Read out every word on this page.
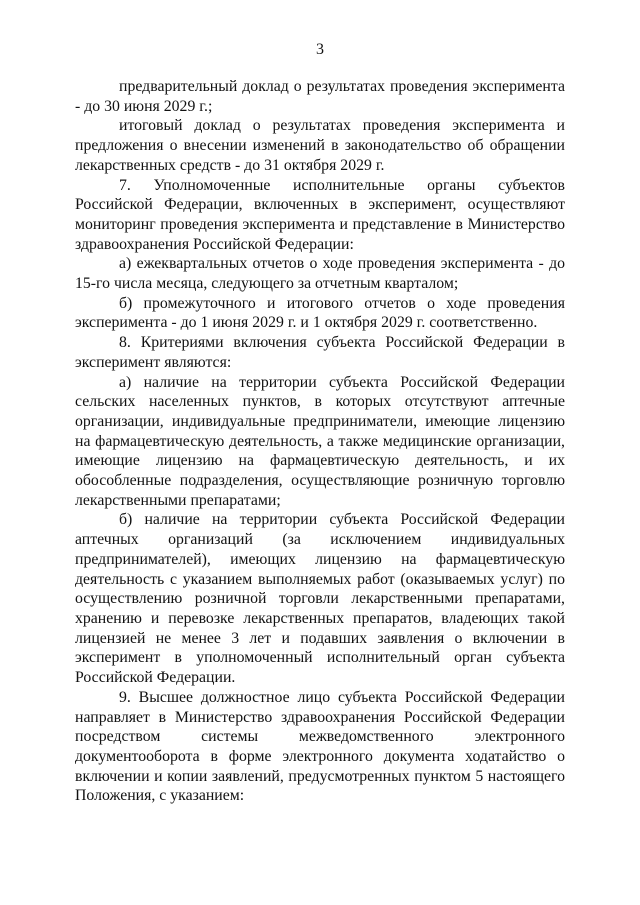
3

предварительный доклад о результатах проведения эксперимента - до 30 июня 2029 г.;

итоговый доклад о результатах проведения эксперимента и предложения о внесении изменений в законодательство об обращении лекарственных средств - до 31 октября 2029 г.

7. Уполномоченные исполнительные органы субъектов Российской Федерации, включенных в эксперимент, осуществляют мониторинг проведения эксперимента и представление в Министерство здравоохранения Российской Федерации:

а) ежеквартальных отчетов о ходе проведения эксперимента - до 15-го числа месяца, следующего за отчетным кварталом;

б) промежуточного и итогового отчетов о ходе проведения эксперимента - до 1 июня 2029 г. и 1 октября 2029 г. соответственно.

8. Критериями включения субъекта Российской Федерации в эксперимент являются:

а) наличие на территории субъекта Российской Федерации сельских населенных пунктов, в которых отсутствуют аптечные организации, индивидуальные предприниматели, имеющие лицензию на фармацевтическую деятельность, а также медицинские организации, имеющие лицензию на фармацевтическую деятельность, и их обособленные подразделения, осуществляющие розничную торговлю лекарственными препаратами;

б) наличие на территории субъекта Российской Федерации аптечных организаций (за исключением индивидуальных предпринимателей), имеющих лицензию на фармацевтическую деятельность с указанием выполняемых работ (оказываемых услуг) по осуществлению розничной торговли лекарственными препаратами, хранению и перевозке лекарственных препаратов, владеющих такой лицензией не менее 3 лет и подавших заявления о включении в эксперимент в уполномоченный исполнительный орган субъекта Российской Федерации.

9. Высшее должностное лицо субъекта Российской Федерации направляет в Министерство здравоохранения Российской Федерации посредством системы межведомственного электронного документооборота в форме электронного документа ходатайство о включении и копии заявлений, предусмотренных пунктом 5 настоящего Положения, с указанием:
